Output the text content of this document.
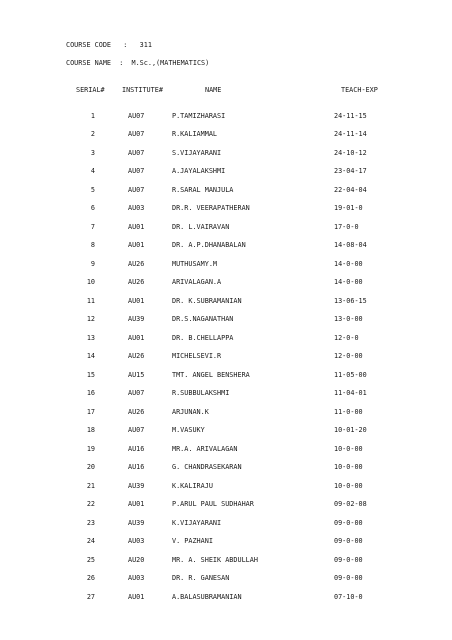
COURSE CODE : 311
COURSE NAME : M.Sc.,(MATHEMATICS)
SERIAL#	INSTITUTE#	NAME	TEACH-EXP
1	AU07	P.TAMIZHARASI	24-11-15
2	AU07	R.KALIAMMAL	24-11-14
3	AU07	S.VIJAYARANI	24-10-12
4	AU07	A.JAYALAKSHMI	23-04-17
5	AU07	R.SARAL MANJULA	22-04-04
6	AU03	DR.R. VEERAPATHERAN	19-01-0
7	AU01	DR. L.VAIRAVAN	17-0-0
8	AU01	DR. A.P.DHANABALAN	14-08-04
9	AU26	MUTHUSAMY.M	14-0-00
10	AU26	ARIVALAGAN.A	14-0-00
11	AU01	DR. K.SUBRAMANIAN	13-06-15
12	AU39	DR.S.NAGANATHAN	13-0-00
13	AU01	DR. B.CHELLAPPA	12-0-0
14	AU26	MICHELSEVI.R	12-0-00
15	AU15	TMT. ANGEL BENSHERA	11-05-00
16	AU07	R.SUBBULAKSHMI	11-04-01
17	AU26	ARJUNAN.K	11-0-00
18	AU07	M.VASUKY	10-01-20
19	AU16	MR.A. ARIVALAGAN	10-0-00
20	AU16	G. CHANDRASEKARAN	10-0-00
21	AU39	K.KALIRAJU	10-0-00
22	AU01	P.ARUL PAUL SUDHAHAR	09-02-08
23	AU39	K.VIJAYARANI	09-0-00
24	AU03	V. PAZHANI	09-0-00
25	AU20	MR. A. SHEIK ABDULLAH	09-0-00
26	AU03	DR. R. GANESAN	09-0-00
27	AU01	A.BALASUBRAMANIAN	07-10-0
